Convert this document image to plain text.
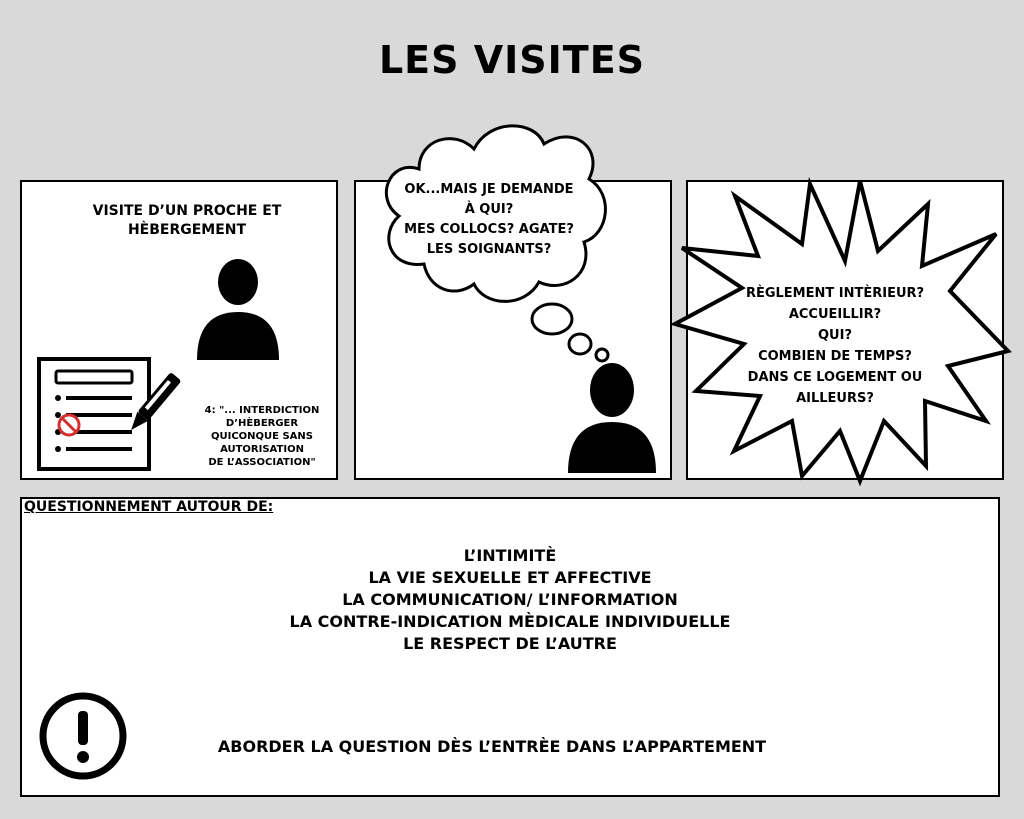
LES VISITES
VISITE D’UN PROCHE ET
HÈBERGEMENT
4: "... INTERDICTION D’HÈBERGER
QUICONQUE SANS AUTORISATION
DE L’ASSOCIATION"
OK...MAIS JE DEMANDE
À QUI?
MES COLLOCS? AGATE?
LES SOIGNANTS?
RÈGLEMENT INTÈRIEUR?
ACCUEILLIR?
QUI?
COMBIEN DE TEMPS?
DANS CE LOGEMENT OU
AILLEURS?
QUESTIONNEMENT AUTOUR DE:
L’INTIMITÈ
LA VIE SEXUELLE ET AFFECTIVE
LA COMMUNICATION/ L’INFORMATION
LA CONTRE-INDICATION MÈDICALE INDIVIDUELLE
LE RESPECT DE L’AUTRE
ABORDER LA QUESTION DÈS L’ENTRÈE DANS L’APPARTEMENT
